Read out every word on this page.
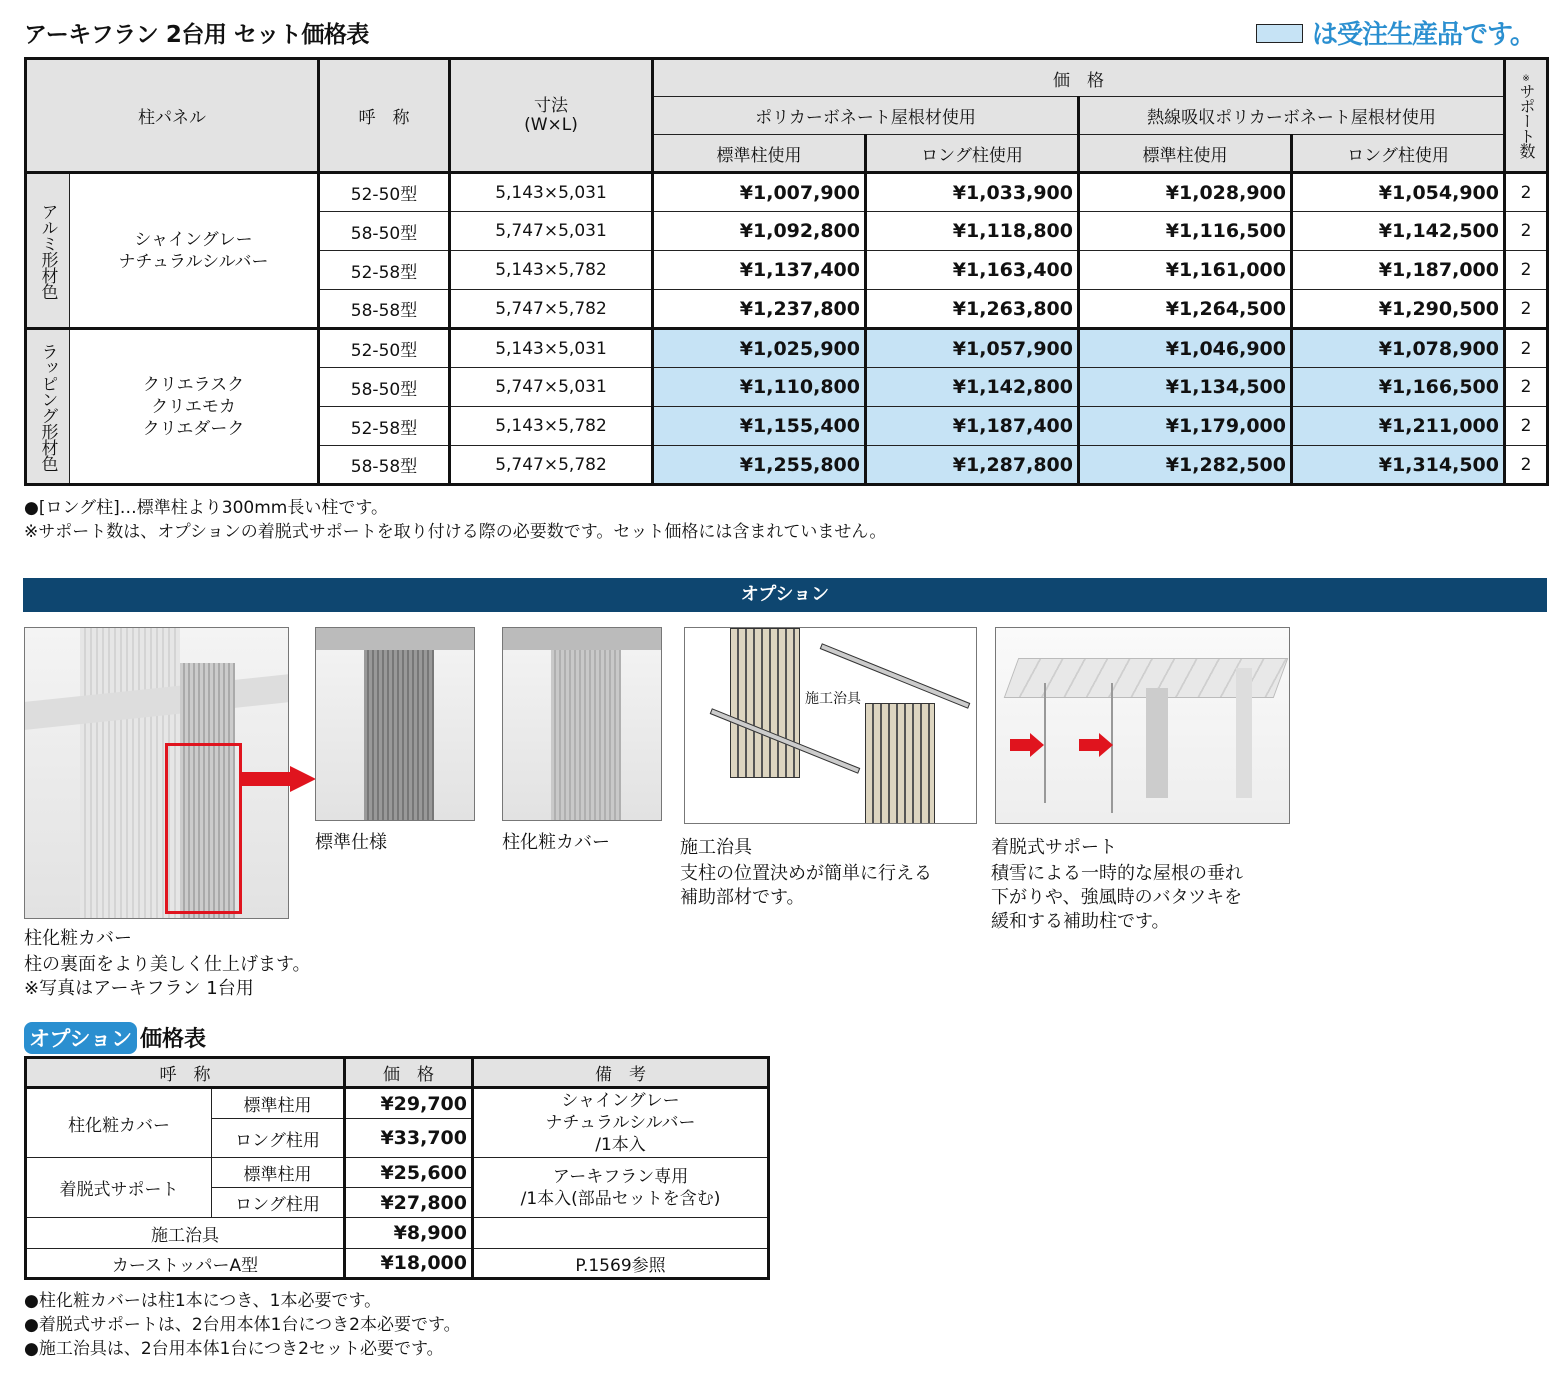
アーキフラン 2台用 セット価格表	は受注生産品です。
柱パネル		呼　称	寸法
(W×L)	価　格				※サポート数

				ポリカーボネート屋根材使用		熱線吸収ポリカーボネート屋根材使用		
				標準柱使用	ロング柱使用	標準柱使用	ロング柱使用	

アルミ形材色	シャイングレー
ナチュラルシルバー	52-50型	5,143×5,031	¥1,007,900	¥1,033,900	¥1,028,900	¥1,054,900	2
		58-50型	5,747×5,031	¥1,092,800	¥1,118,800	¥1,116,500	¥1,142,500	2
		52-58型	5,143×5,782	¥1,137,400	¥1,163,400	¥1,161,000	¥1,187,000	2
		58-58型	5,747×5,782	¥1,237,800	¥1,263,800	¥1,264,500	¥1,290,500	2

ラッピング形材色	クリエラスク
クリエモカ
クリエダーク	52-50型	5,143×5,031	¥1,025,900	¥1,057,900	¥1,046,900	¥1,078,900	2
		58-50型	5,747×5,031	¥1,110,800	¥1,142,800	¥1,134,500	¥1,166,500	2
		52-58型	5,143×5,782	¥1,155,400	¥1,187,400	¥1,179,000	¥1,211,000	2
		58-58型	5,747×5,782	¥1,255,800	¥1,287,800	¥1,282,500	¥1,314,500	2
●[ロング柱]…標準柱より300mm長い柱です。
※サポート数は、オプションの着脱式サポートを取り付ける際の必要数です。セット価格には含まれていません。
オプション
柱化粧カバー
柱の裏面をより美しく仕上げます。
※写真はアーキフラン 1台用
標準仕様	柱化粧カバー
施工治具
施工治具
支柱の位置決めが簡単に行える
補助部材です。
着脱式サポート
積雪による一時的な屋根の垂れ
下がりや、強風時のバタツキを
緩和する補助柱です。
オプション 価格表
呼　称		価　格	備　考
柱化粧カバー	標準柱用	¥29,700	シャイングレー
ナチュラルシルバー
/1本入
	ロング柱用	¥33,700	
着脱式サポート	標準柱用	¥25,600	アーキフラン専用
/1本入(部品セットを含む)
	ロング柱用	¥27,800	
施工治具		¥8,900	
カーストッパーA型		¥18,000	P.1569参照
●柱化粧カバーは柱1本につき、1本必要です。
●着脱式サポートは、2台用本体1台につき2本必要です。
●施工治具は、2台用本体1台につき2セット必要です。
